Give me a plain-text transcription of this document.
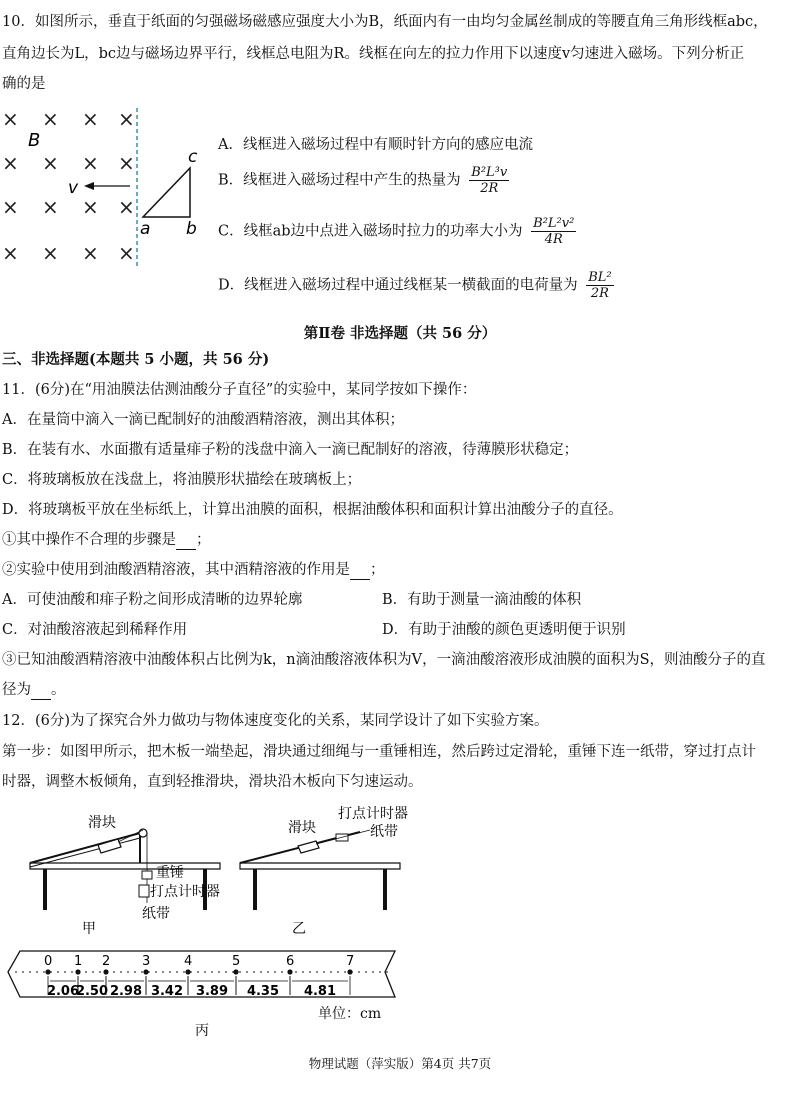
10．如图所示，垂直于纸面的匀强磁场磁感应强度大小为B，纸面内有一由均匀金属丝制成的等腰直角三角形线框abc，
直角边长为L，bc边与磁场边界平行，线框总电阻为R。线框在向左的拉力作用下以速度v匀速进入磁场。下列分析正
确的是
× × × ×
× × × ×
× × × ×
× × × ×
B
v
a b
c
A．线框进入磁场过程中有顺时针方向的感应电流
B．线框进入磁场过程中产生的热量为 $\frac{\text{B²L³v}}{2R}$
C．线框ab边中点进入磁场时拉力的功率大小为 $\frac{\text{B²L²v²}}{4R}$
D．线框进入磁场过程中通过线框某一横截面的电荷量为 $\frac{\text{BL²}}{2R}$
第Ⅱ卷 非选择题（共 56 分）
三、非选择题(本题共 5 小题，共 56 分)
11．(6分)在“用油膜法估测油酸分子直径”的实验中，某同学按如下操作：
A．在量筒中滴入一滴已配制好的油酸酒精溶液，测出其体积；
B．在装有水、水面撒有适量痱子粉的浅盘中滴入一滴已配制好的溶液，待薄膜形状稳定；
C．将玻璃板放在浅盘上，将油膜形状描绘在玻璃板上；
D．将玻璃板平放在坐标纸上，计算出油膜的面积，根据油酸体积和面积计算出油酸分子的直径。
①其中操作不合理的步骤是 ；
②实验中使用到油酸酒精溶液，其中酒精溶液的作用是 ；
A．可使油酸和痱子粉之间形成清晰的边界轮廓	B．有助于测量一滴油酸的体积
C．对油酸溶液起到稀释作用	D．有助于油酸的颜色更透明便于识别
③已知油酸酒精溶液中油酸体积占比例为k，n滴油酸溶液体积为V，一滴油酸溶液形成油膜的面积为S，则油酸分子的直
径为 。
12．(6分)为了探究合外力做功与物体速度变化的关系，某同学设计了如下实验方案。
第一步：如图甲所示，把木板一端垫起，滑块通过细绳与一重锤相连，然后跨过定滑轮，重锤下连一纸带，穿过打点计
时器，调整木板倾角，直到轻推滑块，滑块沿木板向下匀速运动。
滑块
重锤
打点计时器
纸带
甲
滑块
打点计时器
纸带
乙
0 1 2 3	4	5	6	7
2.06
2.50 2.98 3.42 3.89 4.35 4.81
丙
单位：cm
物理试题（萍实版）第4页 共7页
